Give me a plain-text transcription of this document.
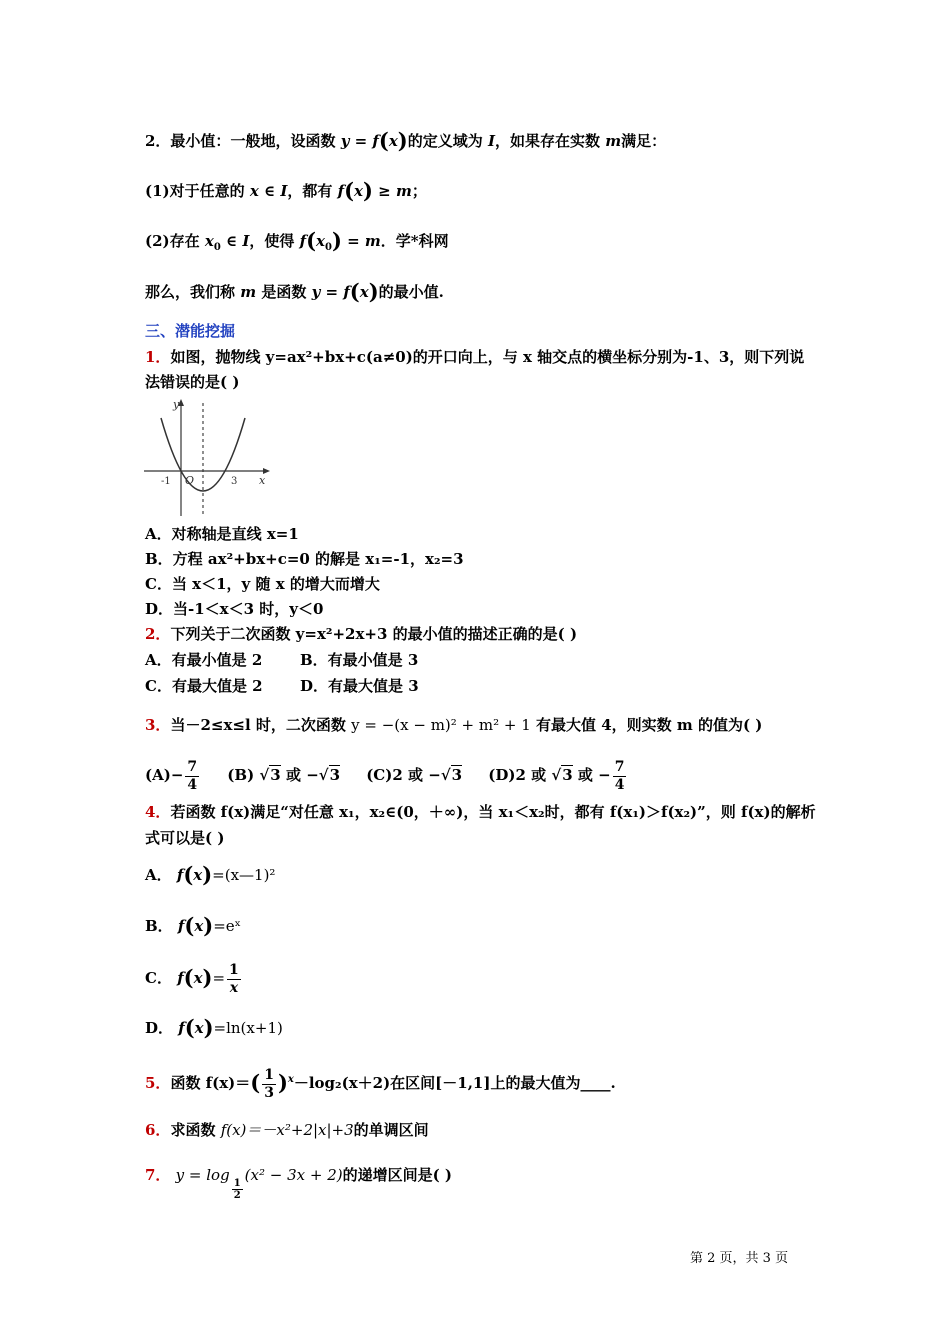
2．最小值：一般地，设函数 y = f(x)的定义域为 I，如果存在实数 m满足：
(1)对于任意的 x ∈ I，都有 f(x) ≥ m；
(2)存在 $x_0$ ∈ I，使得 $f(x_0) = m$．学*科网
那么，我们称 m 是函数 y = f(x)的最小值.
三、潜能挖掘
1．如图，抛物线 y=ax²+bx+c(a≠0)的开口向上，与 x 轴交点的横坐标分别为-1、3，则下列说
法错误的是( )
y
x
O
-1	3
A．对称轴是直线 x=1
B．方程 ax²+bx+c=0 的解是 x₁=-1，x₂=3
C．当 x＜1，y 随 x 的增大而增大
D．当-1＜x＜3 时，y＜0
2．下列关于二次函数 y=x²+2x+3 的最小值的描述正确的是( )
A．有最小值是 2	B．有最小值是 3
C．有最大值是 2 D．有最大值是 3
3．当－2≤x≤l 时，二次函数 y = −(x − m)² + m² + 1 有最大值 4，则实数 m 的值为( )
$(A)- \frac{7}{4} (B)$ √3 或 −√3 (C)2 或 −√3 (D)2 或 √3 或 − $\frac{7}{4}$
4．若函数 f(x)满足“对任意 x₁，x₂∈(0，＋∞)，当 x₁＜x₂时，都有 f(x₁)＞f(x₂)”，则 f(x)的解析
式可以是( )
A． f(x)=(x—1)²
B． f(x)=eˣ
C． $f(x)= \frac{1}{x}$
D． f(x)=ln(x+1)
5．函数 $f(x)=( \frac{1}{3} )^x-\log_2(x+2)$在区间[－1,1]上的最大值为____.
6．求函数 f(x)＝－x²+2|x|+3的单调区间
7． y = log
$\frac{1}{2}$
(x² − 3x + 2)的递增区间是( )
第 2 页，共 3 页
